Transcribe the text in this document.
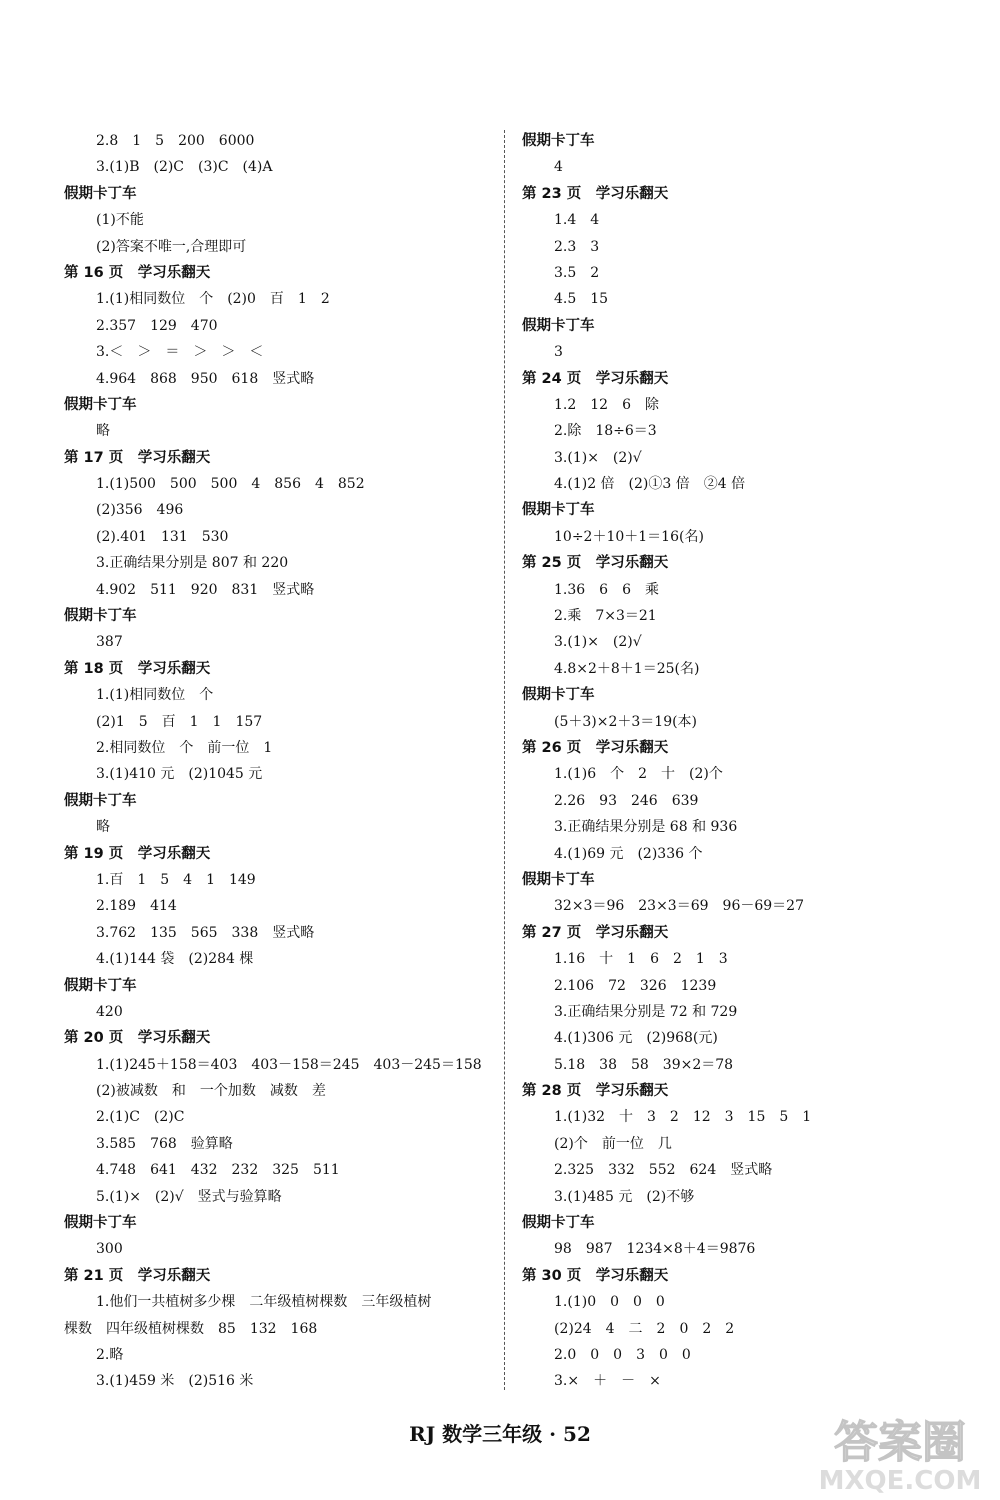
2.8　1　5　200　6000
3.(1)B　(2)C　(3)C　(4)A
假期卡丁车
(1)不能
(2)答案不唯一,合理即可
第 16 页　学习乐翻天
1.(1)相同数位　个　(2)0　百　1　2
2.357　129　470
3.＜　＞　＝　＞　＞　＜
4.964　868　950　618　竖式略
假期卡丁车
略
第 17 页　学习乐翻天
1.(1)500　500　500　4　856　4　852
(2)356　496
(2).401　131　530
3.正确结果分别是 807 和 220
4.902　511　920　831　竖式略
假期卡丁车
387
第 18 页　学习乐翻天
1.(1)相同数位　个
(2)1　5　百　1　1　157
2.相同数位　个　前一位　1
3.(1)410 元　(2)1045 元
假期卡丁车
略
第 19 页　学习乐翻天
1.百　1　5　4　1　149
2.189　414
3.762　135　565　338　竖式略
4.(1)144 袋　(2)284 棵
假期卡丁车
420
第 20 页　学习乐翻天
1.(1)245＋158＝403　403－158＝245　403－245＝158
(2)被减数　和　一个加数　减数　差
2.(1)C　(2)C
3.585　768　验算略
4.748　641　432　232　325　511
5.(1)×　(2)√　竖式与验算略
假期卡丁车
300
第 21 页　学习乐翻天
1.他们一共植树多少棵　二年级植树棵数　三年级植树
棵数　四年级植树棵数　85　132　168
2.略
3.(1)459 米　(2)516 米
假期卡丁车
4
第 23 页　学习乐翻天
1.4　4
2.3　3
3.5　2
4.5　15
假期卡丁车
3
第 24 页　学习乐翻天
1.2　12　6　除
2.除　18÷6＝3
3.(1)×　(2)√
4.(1)2 倍　(2)①3 倍　②4 倍
假期卡丁车
10÷2＋10＋1＝16(名)
第 25 页　学习乐翻天
1.36　6　6　乘
2.乘　7×3＝21
3.(1)×　(2)√
4.8×2＋8＋1＝25(名)
假期卡丁车
(5＋3)×2＋3＝19(本)
第 26 页　学习乐翻天
1.(1)6　个　2　十　(2)个
2.26　93　246　639
3.正确结果分别是 68 和 936
4.(1)69 元　(2)336 个
假期卡丁车
32×3＝96　23×3＝69　96－69＝27
第 27 页　学习乐翻天
1.16　十　1　6　2　1　3
2.106　72　326　1239
3.正确结果分别是 72 和 729
4.(1)306 元　(2)968(元)
5.18　38　58　39×2＝78
第 28 页　学习乐翻天
1.(1)32　十　3　2　12　3　15　5　1
(2)个　前一位　几
2.325　332　552　624　竖式略
3.(1)485 元　(2)不够
假期卡丁车
98　987　1234×8＋4＝9876
第 30 页　学习乐翻天
1.(1)0　0　0　0
(2)24　4　二　2　0　2　2
2.0　0　0　3　0　0
3.×　＋　－　×
RJ 数学三年级 · 52	答案圈
MXQE.COM
